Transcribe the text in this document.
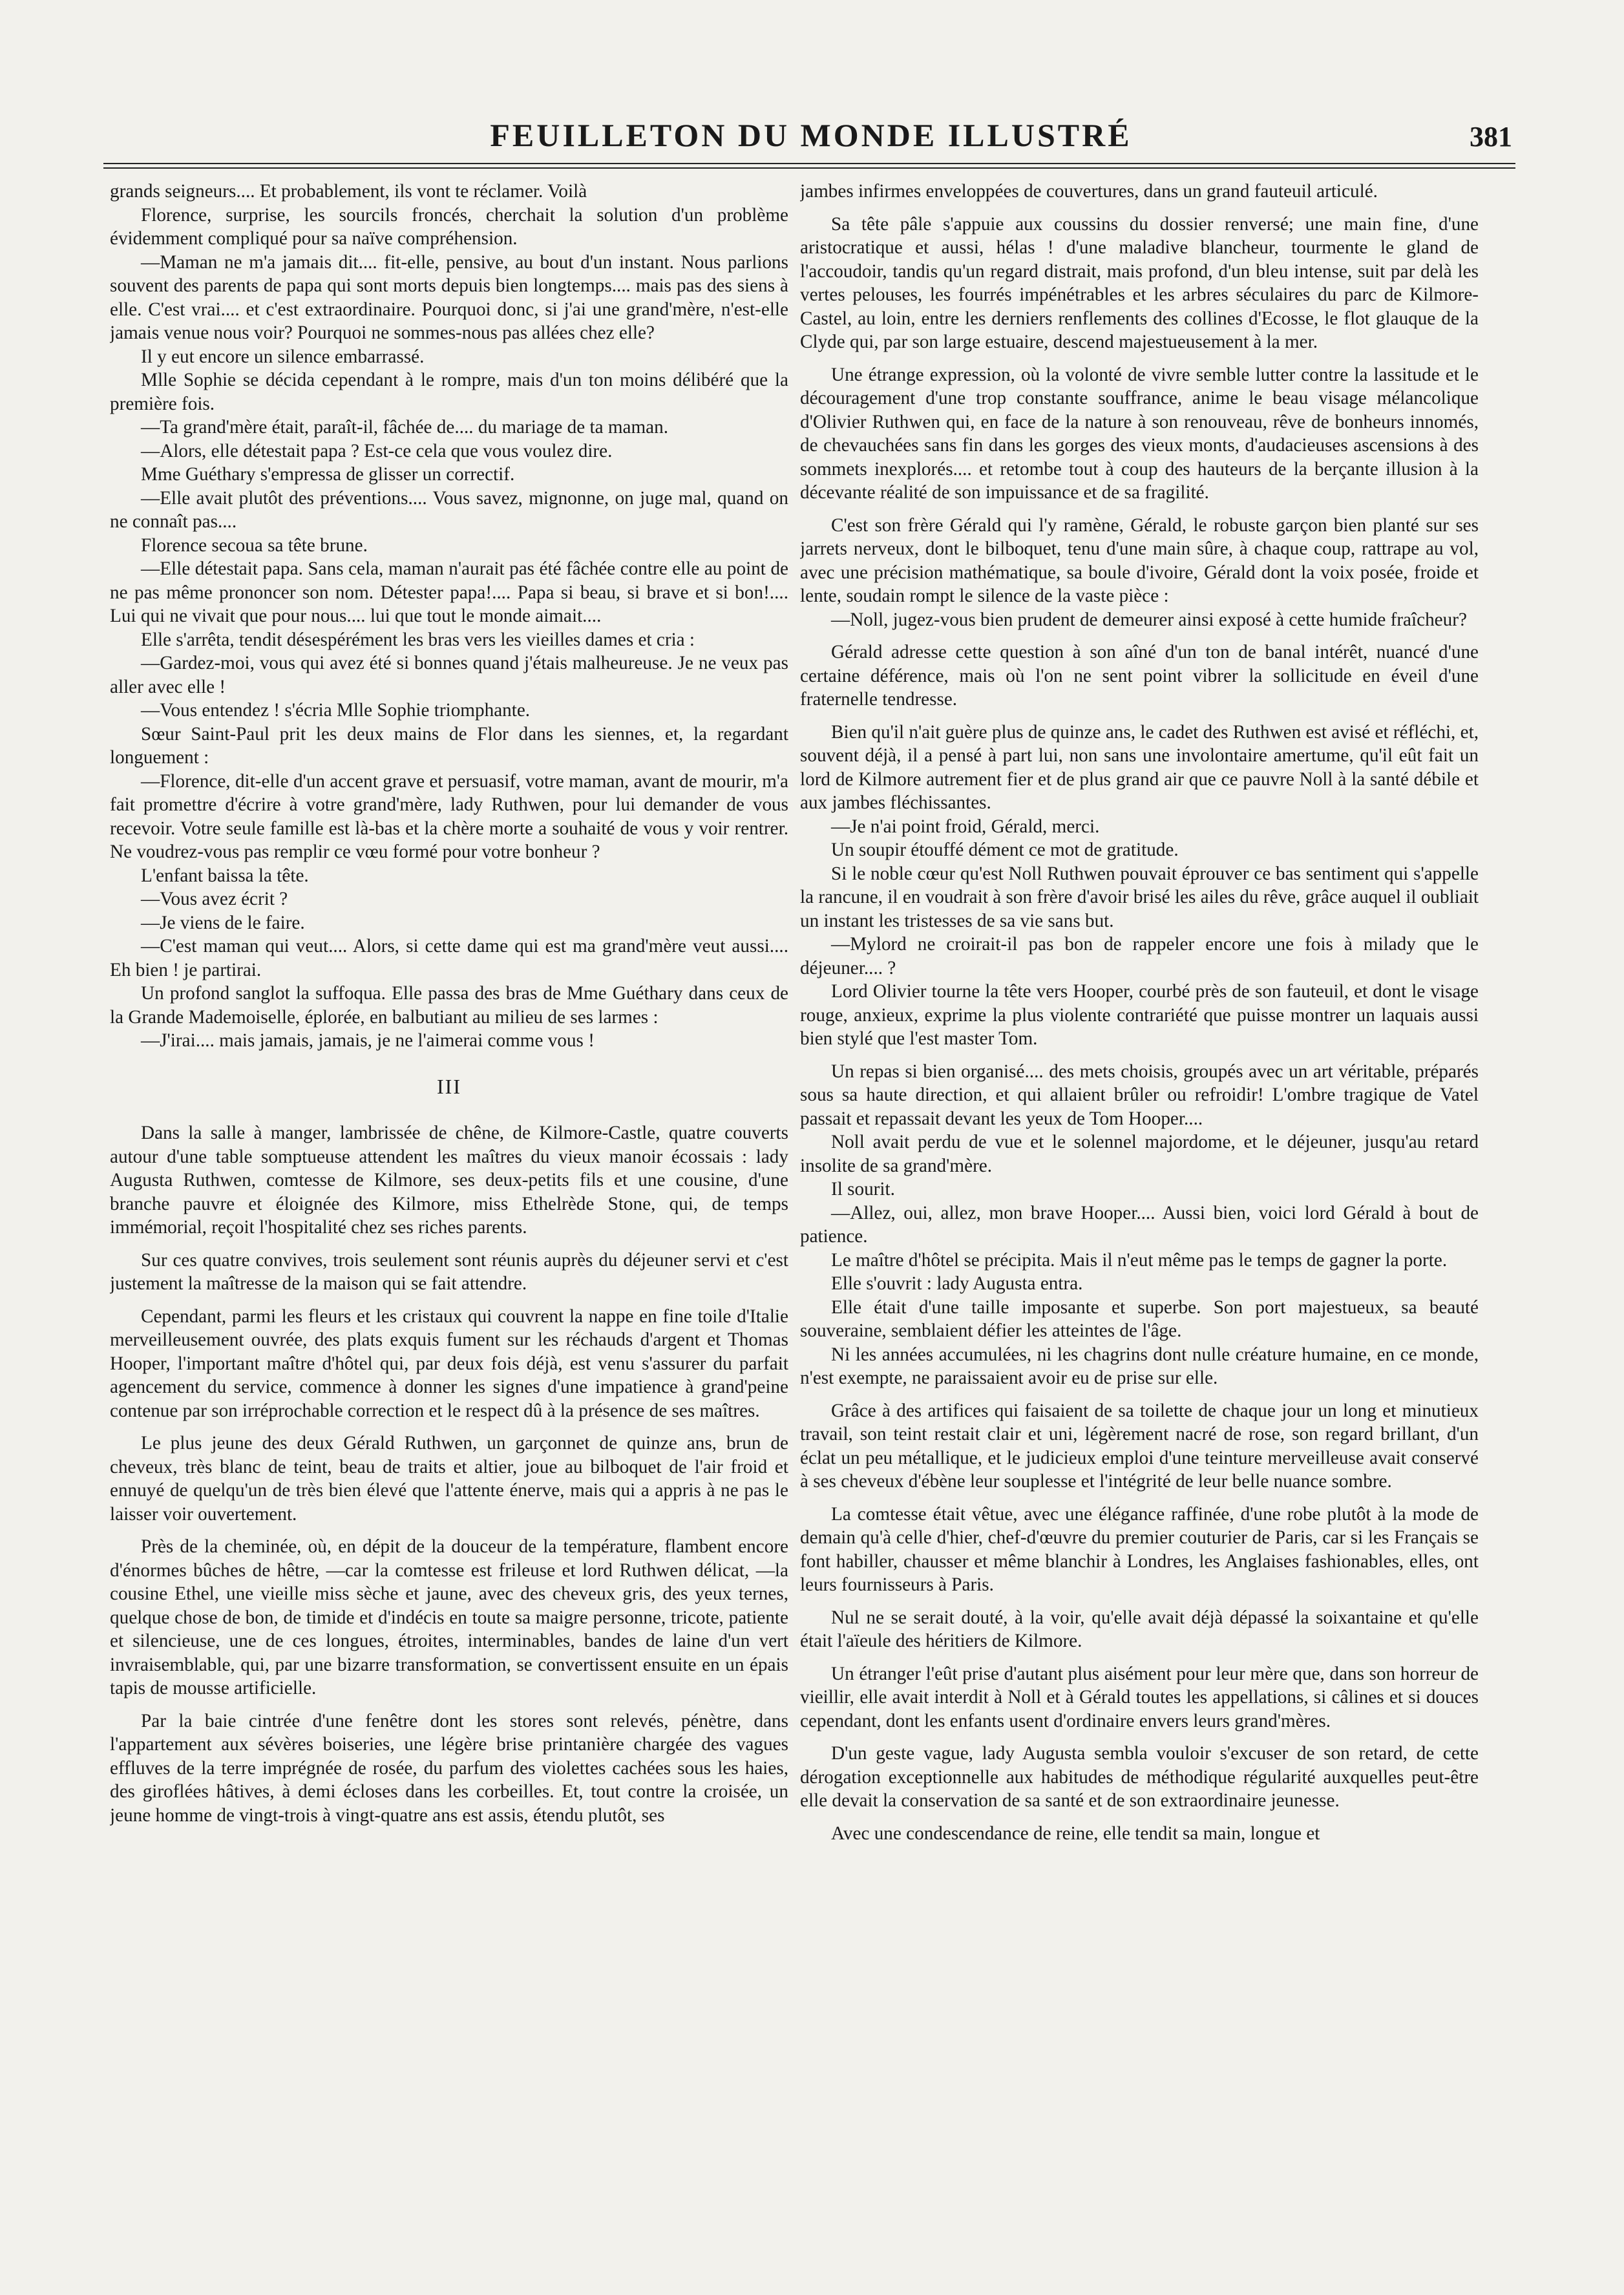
FEUILLETON DU MONDE ILLUSTRÉ	381

grands seigneurs.... Et probablement, ils vont te réclamer. Voilà

Florence, surprise, les sourcils froncés, cherchait la solution d'un problème évidemment compliqué pour sa naïve compréhension.

—Maman ne m'a jamais dit.... fit-elle, pensive, au bout d'un instant. Nous parlions souvent des parents de papa qui sont morts depuis bien longtemps.... mais pas des siens à elle. C'est vrai.... et c'est extraordinaire. Pourquoi donc, si j'ai une grand'mère, n'est-elle jamais venue nous voir? Pourquoi ne sommes-nous pas allées chez elle?

Il y eut encore un silence embarrassé.

Mlle Sophie se décida cependant à le rompre, mais d'un ton moins délibéré que la première fois.

—Ta grand'mère était, paraît-il, fâchée de.... du mariage de ta maman.

—Alors, elle détestait papa ? Est-ce cela que vous voulez dire.

Mme Guéthary s'empressa de glisser un correctif.

—Elle avait plutôt des préventions.... Vous savez, mignonne, on juge mal, quand on ne connaît pas....

Florence secoua sa tête brune.

—Elle détestait papa. Sans cela, maman n'aurait pas été fâchée contre elle au point de ne pas même prononcer son nom. Détester papa!.... Papa si beau, si brave et si bon!.... Lui qui ne vivait que pour nous.... lui que tout le monde aimait....

Elle s'arrêta, tendit désespérément les bras vers les vieilles dames et cria :

—Gardez-moi, vous qui avez été si bonnes quand j'étais malheureuse. Je ne veux pas aller avec elle !

—Vous entendez ! s'écria Mlle Sophie triomphante.

Sœur Saint-Paul prit les deux mains de Flor dans les siennes, et, la regardant longuement :

—Florence, dit-elle d'un accent grave et persuasif, votre maman, avant de mourir, m'a fait promettre d'écrire à votre grand'mère, lady Ruthwen, pour lui demander de vous recevoir. Votre seule famille est là-bas et la chère morte a souhaité de vous y voir rentrer. Ne voudrez-vous pas remplir ce vœu formé pour votre bonheur ?

L'enfant baissa la tête.

—Vous avez écrit ?

—Je viens de le faire.

—C'est maman qui veut.... Alors, si cette dame qui est ma grand'mère veut aussi.... Eh bien ! je partirai.

Un profond sanglot la suffoqua. Elle passa des bras de Mme Guéthary dans ceux de la Grande Mademoiselle, éplorée, en balbutiant au milieu de ses larmes :

—J'irai.... mais jamais, jamais, je ne l'aimerai comme vous !

III

Dans la salle à manger, lambrissée de chêne, de Kilmore-Castle, quatre couverts autour d'une table somptueuse attendent les maîtres du vieux manoir écossais : lady Augusta Ruthwen, comtesse de Kilmore, ses deux-petits fils et une cousine, d'une branche pauvre et éloignée des Kilmore, miss Ethelrède Stone, qui, de temps immémorial, reçoit l'hospitalité chez ses riches parents.

Sur ces quatre convives, trois seulement sont réunis auprès du déjeuner servi et c'est justement la maîtresse de la maison qui se fait attendre.

Cependant, parmi les fleurs et les cristaux qui couvrent la nappe en fine toile d'Italie merveilleusement ouvrée, des plats exquis fument sur les réchauds d'argent et Thomas Hooper, l'important maître d'hôtel qui, par deux fois déjà, est venu s'assurer du parfait agencement du service, commence à donner les signes d'une impatience à grand'peine contenue par son irréprochable correction et le respect dû à la présence de ses maîtres.

Le plus jeune des deux Gérald Ruthwen, un garçonnet de quinze ans, brun de cheveux, très blanc de teint, beau de traits et altier, joue au bilboquet de l'air froid et ennuyé de quelqu'un de très bien élevé que l'attente énerve, mais qui a appris à ne pas le laisser voir ouvertement.

Près de la cheminée, où, en dépit de la douceur de la température, flambent encore d'énormes bûches de hêtre, —car la comtesse est frileuse et lord Ruthwen délicat, —la cousine Ethel, une vieille miss sèche et jaune, avec des cheveux gris, des yeux ternes, quelque chose de bon, de timide et d'indécis en toute sa maigre personne, tricote, patiente et silencieuse, une de ces longues, étroites, interminables, bandes de laine d'un vert invraisemblable, qui, par une bizarre transformation, se convertissent ensuite en un épais tapis de mousse artificielle.

Par la baie cintrée d'une fenêtre dont les stores sont relevés, pénètre, dans l'appartement aux sévères boiseries, une légère brise printanière chargée des vagues effluves de la terre imprégnée de rosée, du parfum des violettes cachées sous les haies, des giroflées hâtives, à demi écloses dans les corbeilles. Et, tout contre la croisée, un jeune homme de vingt-trois à vingt-quatre ans est assis, étendu plutôt, ses

jambes infirmes enveloppées de couvertures, dans un grand fauteuil articulé.

Sa tête pâle s'appuie aux coussins du dossier renversé; une main fine, d'une aristocratique et aussi, hélas ! d'une maladive blancheur, tourmente le gland de l'accoudoir, tandis qu'un regard distrait, mais profond, d'un bleu intense, suit par delà les vertes pelouses, les fourrés impénétrables et les arbres séculaires du parc de Kilmore-Castel, au loin, entre les derniers renflements des collines d'Ecosse, le flot glauque de la Clyde qui, par son large estuaire, descend majestueusement à la mer.

Une étrange expression, où la volonté de vivre semble lutter contre la lassitude et le découragement d'une trop constante souffrance, anime le beau visage mélancolique d'Olivier Ruthwen qui, en face de la nature à son renouveau, rêve de bonheurs innomés, de chevauchées sans fin dans les gorges des vieux monts, d'audacieuses ascensions à des sommets inexplorés.... et retombe tout à coup des hauteurs de la berçante illusion à la décevante réalité de son impuissance et de sa fragilité.

C'est son frère Gérald qui l'y ramène, Gérald, le robuste garçon bien planté sur ses jarrets nerveux, dont le bilboquet, tenu d'une main sûre, à chaque coup, rattrape au vol, avec une précision mathématique, sa boule d'ivoire, Gérald dont la voix posée, froide et lente, soudain rompt le silence de la vaste pièce :

—Noll, jugez-vous bien prudent de demeurer ainsi exposé à cette humide fraîcheur?

Gérald adresse cette question à son aîné d'un ton de banal intérêt, nuancé d'une certaine déférence, mais où l'on ne sent point vibrer la sollicitude en éveil d'une fraternelle tendresse.

Bien qu'il n'ait guère plus de quinze ans, le cadet des Ruthwen est avisé et réfléchi, et, souvent déjà, il a pensé à part lui, non sans une involontaire amertume, qu'il eût fait un lord de Kilmore autrement fier et de plus grand air que ce pauvre Noll à la santé débile et aux jambes fléchissantes.

—Je n'ai point froid, Gérald, merci.

Un soupir étouffé dément ce mot de gratitude.

Si le noble cœur qu'est Noll Ruthwen pouvait éprouver ce bas sentiment qui s'appelle la rancune, il en voudrait à son frère d'avoir brisé les ailes du rêve, grâce auquel il oubliait un instant les tristesses de sa vie sans but.

—Mylord ne croirait-il pas bon de rappeler encore une fois à milady que le déjeuner.... ?

Lord Olivier tourne la tête vers Hooper, courbé près de son fauteuil, et dont le visage rouge, anxieux, exprime la plus violente contrariété que puisse montrer un laquais aussi bien stylé que l'est master Tom.

Un repas si bien organisé.... des mets choisis, groupés avec un art véritable, préparés sous sa haute direction, et qui allaient brûler ou refroidir! L'ombre tragique de Vatel passait et repassait devant les yeux de Tom Hooper....

Noll avait perdu de vue et le solennel majordome, et le déjeuner, jusqu'au retard insolite de sa grand'mère.

Il sourit.

—Allez, oui, allez, mon brave Hooper.... Aussi bien, voici lord Gérald à bout de patience.

Le maître d'hôtel se précipita. Mais il n'eut même pas le temps de gagner la porte.

Elle s'ouvrit : lady Augusta entra.

Elle était d'une taille imposante et superbe. Son port majestueux, sa beauté souveraine, semblaient défier les atteintes de l'âge.

Ni les années accumulées, ni les chagrins dont nulle créature humaine, en ce monde, n'est exempte, ne paraissaient avoir eu de prise sur elle.

Grâce à des artifices qui faisaient de sa toilette de chaque jour un long et minutieux travail, son teint restait clair et uni, légèrement nacré de rose, son regard brillant, d'un éclat un peu métallique, et le judicieux emploi d'une teinture merveilleuse avait conservé à ses cheveux d'ébène leur souplesse et l'intégrité de leur belle nuance sombre.

La comtesse était vêtue, avec une élégance raffinée, d'une robe plutôt à la mode de demain qu'à celle d'hier, chef-d'œuvre du premier couturier de Paris, car si les Français se font habiller, chausser et même blanchir à Londres, les Anglaises fashionables, elles, ont leurs fournisseurs à Paris.

Nul ne se serait douté, à la voir, qu'elle avait déjà dépassé la soixantaine et qu'elle était l'aïeule des héritiers de Kilmore.

Un étranger l'eût prise d'autant plus aisément pour leur mère que, dans son horreur de vieillir, elle avait interdit à Noll et à Gérald toutes les appellations, si câlines et si douces cependant, dont les enfants usent d'ordinaire envers leurs grand'mères.

D'un geste vague, lady Augusta sembla vouloir s'excuser de son retard, de cette dérogation exceptionnelle aux habitudes de méthodique régularité auxquelles peut-être elle devait la conservation de sa santé et de son extraordinaire jeunesse.

Avec une condescendance de reine, elle tendit sa main, longue et
